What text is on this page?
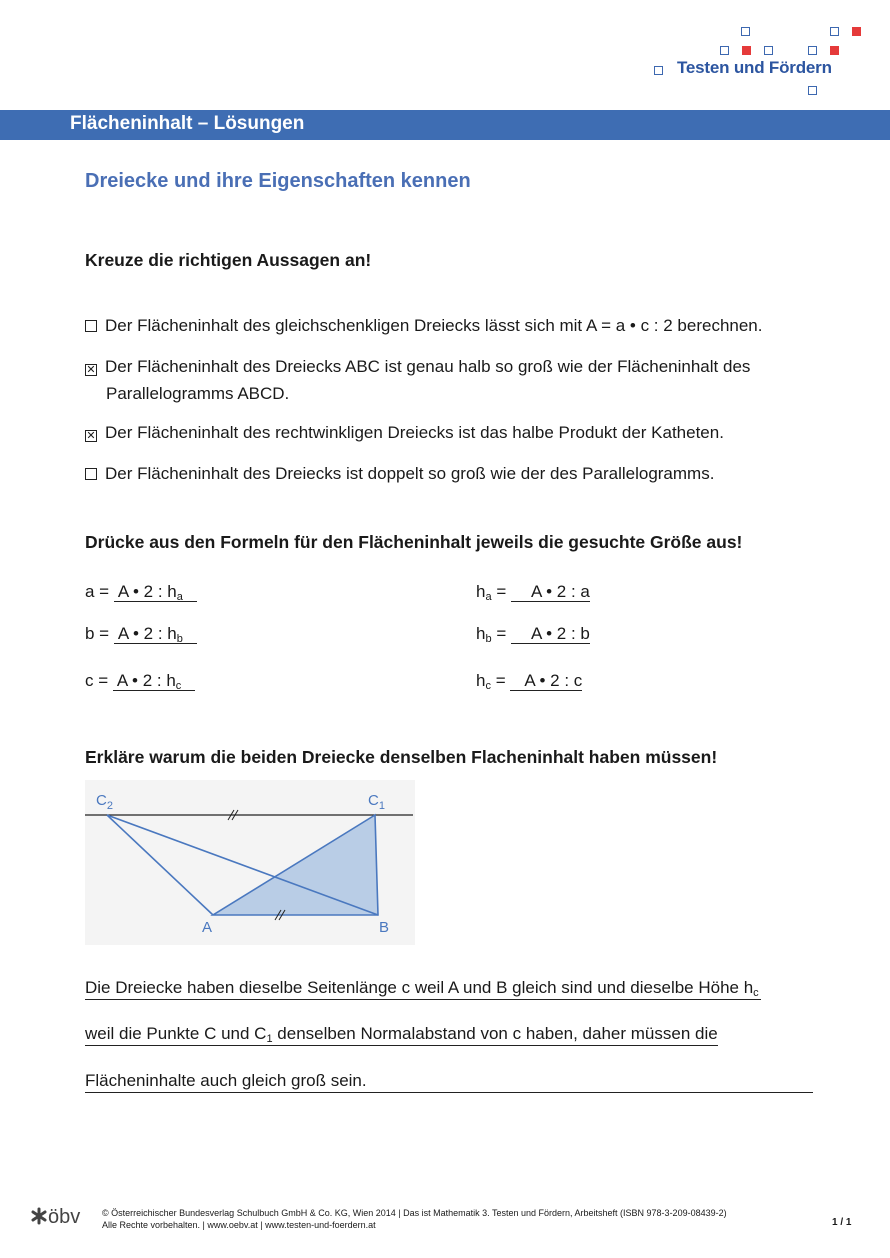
Testen und Fördern
Flächeninhalt – Lösungen
Dreiecke und ihre Eigenschaften kennen
Kreuze die richtigen Aussagen an!
Der Flächeninhalt des gleichschenkligen Dreiecks lässt sich mit A = a • c : 2 berechnen.
✕ Der Flächeninhalt des Dreiecks ABC ist genau halb so groß wie der Flächeninhalt des
Parallelogramms ABCD.
✕ Der Flächeninhalt des rechtwinkligen Dreiecks ist das halbe Produkt der Katheten.
Der Flächeninhalt des Dreiecks ist doppelt so groß wie der des Parallelogramms.
Drücke aus den Formeln für den Flächeninhalt jeweils die gesuchte Größe aus!
a = A • 2 : $h_a$	$h_a = A$ • 2 : a
b = A • 2 : $h_b$	$h_b = A$ • 2 : b
c = A • 2 : $h_c$	$h_c = A$ • 2 : c
Erkläre warum die beiden Dreiecke denselben Flacheninhalt haben müssen!
$C_2$	$C_1$
A	B
Die Dreiecke haben dieselbe Seitenlänge c weil A und B gleich sind und dieselbe Höhe $h_c$
weil die Punkte C und $C_1$ denselben Normalabstand von c haben, daher müssen die
Flächeninhalte auch gleich groß sein.
öbv © Österreichischer Bundesverlag Schulbuch GmbH & Co. KG, Wien 2014 | Das ist Mathematik 3. Testen und Fördern, Arbeitsheft (ISBN 978-3-209-08439-2)
Alle Rechte vorbehalten. | www.oebv.at | www.testen-und-foerdern.at	1 / 1
